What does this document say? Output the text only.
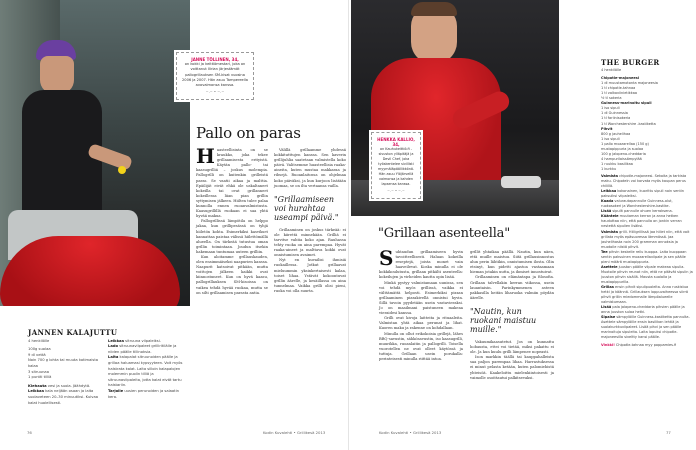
JANNE TÖLLINEN, 34,
on kokki ja keittiömestari, joka on voittanut Ilirian järjestämät pallogrillauksen SM-kisat vuosina 2006 ja 2007. Hän asuu Tampereella avovaimonsa kanssa.
~.~ • ~.~
Pallo on paras

Haasteellisinta on se kraukko, joka tekee grillaamisesta erityistä. Käytän pallo- tai kaasugrilliä – joskus molempia. Pallogrilli on kuitenkin grilleistä paras. Se vaatii aikaa ja malttia. Epäilijät eivät ehkä ole uskaltaneet kokeilla tai ovat grillanneet kokeillessa liian pian grillin syttymisen jälkeen. Hiilten tulee palaa kunnolla ennen ruoanvalmistusta. Kaasugrillillä ruokaan ei saa yhtä hyvää makua.

Pallogrillissä lämpötila on helppo jakaa, kun grillipesässä on tyhjä hiiletön kohta. Esimerkiksi kasvikset kannattaa paistaa välissä hiilettömällä alueella. On tärkeää tutustua oman grillin toimintaan. Joudun itsekin hakemaan tuntumaa uuteen grilliin.

Kun aloitamme grillauskauden, olen ensimmäiseksi naapurien kanssa. Naapurit katsoivat pitkään, mutta voittojen jälkeen kaikki ovat kiinnostuneet. Kun on hyvä kaasu, pallogrillauksen SM-kisoissa on vaikea tehdä hyvää ruokaa, mutta se on silti grillaamisen parasta antia.

Välillä grillaamme yhdessä kokkitutttujen kanssa. Sen kaverin grillijuhlia saatetaan valmistella koko päivä. Valitsemme huasteellisia raaka-aineita, kuten mustaa makkaraa ja ribsejä. Ruoanlaitossa on ohjelmaa koko päiväksi, ja kun kurjoon lisätään juomaa, se on ilta vertaansa vailla.

"Grillaamiseen voi hurahtaa useampi päivä."

Grillaaminen on joskus tärkeää: ei ole kiirettä minnekään. Grilliä ei tarvitse vahtia koko ajan. Rauhassa tehty ruoka on aina parempaa. Hyvät raaka-aineet ja malttava kokki ovat onnistumisen avaimet.

Nyt en kuvailisi ihmisiä ruokaillessa. Jotkut grillaavat mieluummin yksinkertaisesti kalaa, toiset lihaa. Ystävät kokoontuvat grillin äärelle, ja kesäillassa on aina tunnelmaa. Vaikka grilli olisi pieni, ruoka voi olla suurta.

JANNEN KALAJUTTU
4 henkilölle
100g suolaa
9 dl vettä
Noin 700 g lohta tai muuta kotimaista kalaa
3 sitruunaa
1 puntti tilliä
Kiehauta vesi ja suola. Jäähdytä.
Leikkaa kala neljään osaan ja laita suolaveteen 20–30 minuutiksi. Kuivaa kalat huolellisesti.
Leikkaa sitruuna viipaleiksi.
Lado sitruunaviipaleet grilliritilälle ja niiden päälle tillinoksia.
Laita kalapalat sitruunoiden päälle ja grillaa haluamasi kypsyyteen. Voit myös halstrata kalat. Laita silloin kalapalojen molemmin puolin tilliä ja sitruunaviipaleita, jotta kalat eivät tartu halstariin.
Tarjoile uusien perunoiden ja salaatin kera.
76	Kodin Kuvalehti • Grillikesä 2013
HENKKA KALLIO, 34,
on Kauhukeittiö.fi -sivuston ylläpitäjä ja Devil Chef, joka työskentelee sivillisti myymäläpäällikkönä. Hän asuu Ylöjärvellä vaimonsa ja kahden lapsensa kanssa.
~.~ • ~.~
"Grillaan asenteella"

Suhtaudun grillaamiseen hyvin tavoitteellisesti. Haluan kokeilla reseptejä, joista monet vain haaveilevat. Koska minulla ei ole kokkikoulutusta, grillaan pitkälti asenteella: kokeilujen ja virheiden kautta opin lisää.

Minkä pystyy valmistamaan uunissa, sen voi tehdä myös grillissä, vaikka ei välttämättä helposti. Esimerkiksi pizzan grillaaminen pizzakivellä onnistui hyvin. Sillä tavoin pyydetään usein vastavieraksi. Jo on maailmani paistuneen makeaa vieraidesi kanssa.

Grilli ovat kivoja laitteita ja rituaaleita. Valmistan yhtä aikaa perunat ja lihat. Kuoren maku ja rakenne on kohdallaan.

Minulla on ollut erikokoisia grillejä, lähes BBQ-savustin, sähkösavustin, iso kaasugrilli, muurikka, ruoanlaitin ja pallogrilli. Toisella vuorotellen ne ovat olleet käytössä ja tuttuja. Grillaan usein porukalla: perinteisesti minulla riittää intoa.

grillit yhtaikaa päällä. Nautin, kun näen, että muille maistuu. Siitä grillausinnostus alun perin lähtikin, onnistumisen ilosta. Olin etsinyt, kun pidetti ajastoa vastaamaan hieman jotakin uutta, ja ihmiset innostuivat.

Grillaaminen on elämäntapa ja filosofia. Grillaan talvellakin kerran viikossa, usein lauantaisin. Parinkymmenen asteen pakkasilla heitän liharuoka valmiin pöydän äärelle.

"Nautin, kun ruokani maistuu muille."

Vakuumikaasutetut. Jos on kunnattu hobausta, ettei voi tietää, miksi pakattu ei ole. Ja kun kuulu grilli lämpenee nopeasti.

Ison markkin täällä tai kauppahalleista saa paljon parempaa lihaa. Harrastuksessa ei minut pelasta ketään, kuten palomiehistä yhteisöä. Kaakeloittu mielenkiintoisesti ja vaimolle osoittautui palkitsevaksi.

THE BURGER
4 henkilölle
Chipotle-majoneesi
1 dl muustamotonta majoneesia
1 tl chipotle-tahnaa
1 tl valkoviinietikkaa
½ tl sokeria
Guinness-marinoitu sipuli
1 iso sipuli
1 dl Guinnessia
1 tl fariinisokeria
1 tl Worchestershire -kastiketta
Pihvit
800 g jauhelihaa
1 iso sipuli
1 pallo mozzarellaa (150 g)
mustapippuria ja suolaa
100 g jalopeno-cheddaria
4 hampurilaissämpylää
1 ruukku basilikaa
1 kurkku
Valmista chipotle-majoneesi. Sekoita ja tarkista maku. Chipoteln voi korvata myös kaupan perus chilillä.
Leikkaa kokonainen, kuorittu sipuli noin sentin paksuiksi viipaleiksi.
Kaada valurautapannulle Guinness-olut, ruokosokeri ja Worchestershire-kastike.
Lisää sipulit pannulle ohuen kerroksena.
Kääntele muutaman kerran ja anna hetken hauduttaa niin, että pannulla on jonkin verran nestettä sipulien lisäksi.
Valmista grilli. Hiiligrillissä jaa hiilet niin, että voit grillata myös epäsuoressa lämmössä. Jaa jauhelihasta noin 200 gramman annoksia ja muotoile niistä pihvit.
Tee pihvin keskelle reilu kuoppa. Laita kuoppaan sentin paksuinen mozzarellaviipale ja sen päälle pieni määrä mustapippuria.
Asettele juuston päälle viipale makeaa sipulia. Muotoile pihvin reunat niin, että ne pitävät sipulin ja juuston pihvin sisällä. Mausta suolalla ja mustapippurilla.
Grillaa ensin pihvit sipulipuolelta. Anna ruskistua hetki ja käännä. Grillauksen loppuvaiheessa siirrä pihvit grillin miedommalle lämpöalueelle valmistumaan.
Lisää pala jalapeno-cheddaria pihvien päälle ja anna juuston sulaa hetki.
Sipaise sämpylöille Guinness-kastiketta pannulta. Asettele sämpylöille ensin basilikan lehtiä ja suolakurkkuviipaleet. Lisää pihvi ja sen päälle marinoituja sipuleita. Laita lopuksi chipotle-majoneesilla siveltty kansi päälle.
Vinkki! Chipotle-tahnaa myy poppamies.fi
Kodin Kuvalehti • Grillikesä 2013	77
